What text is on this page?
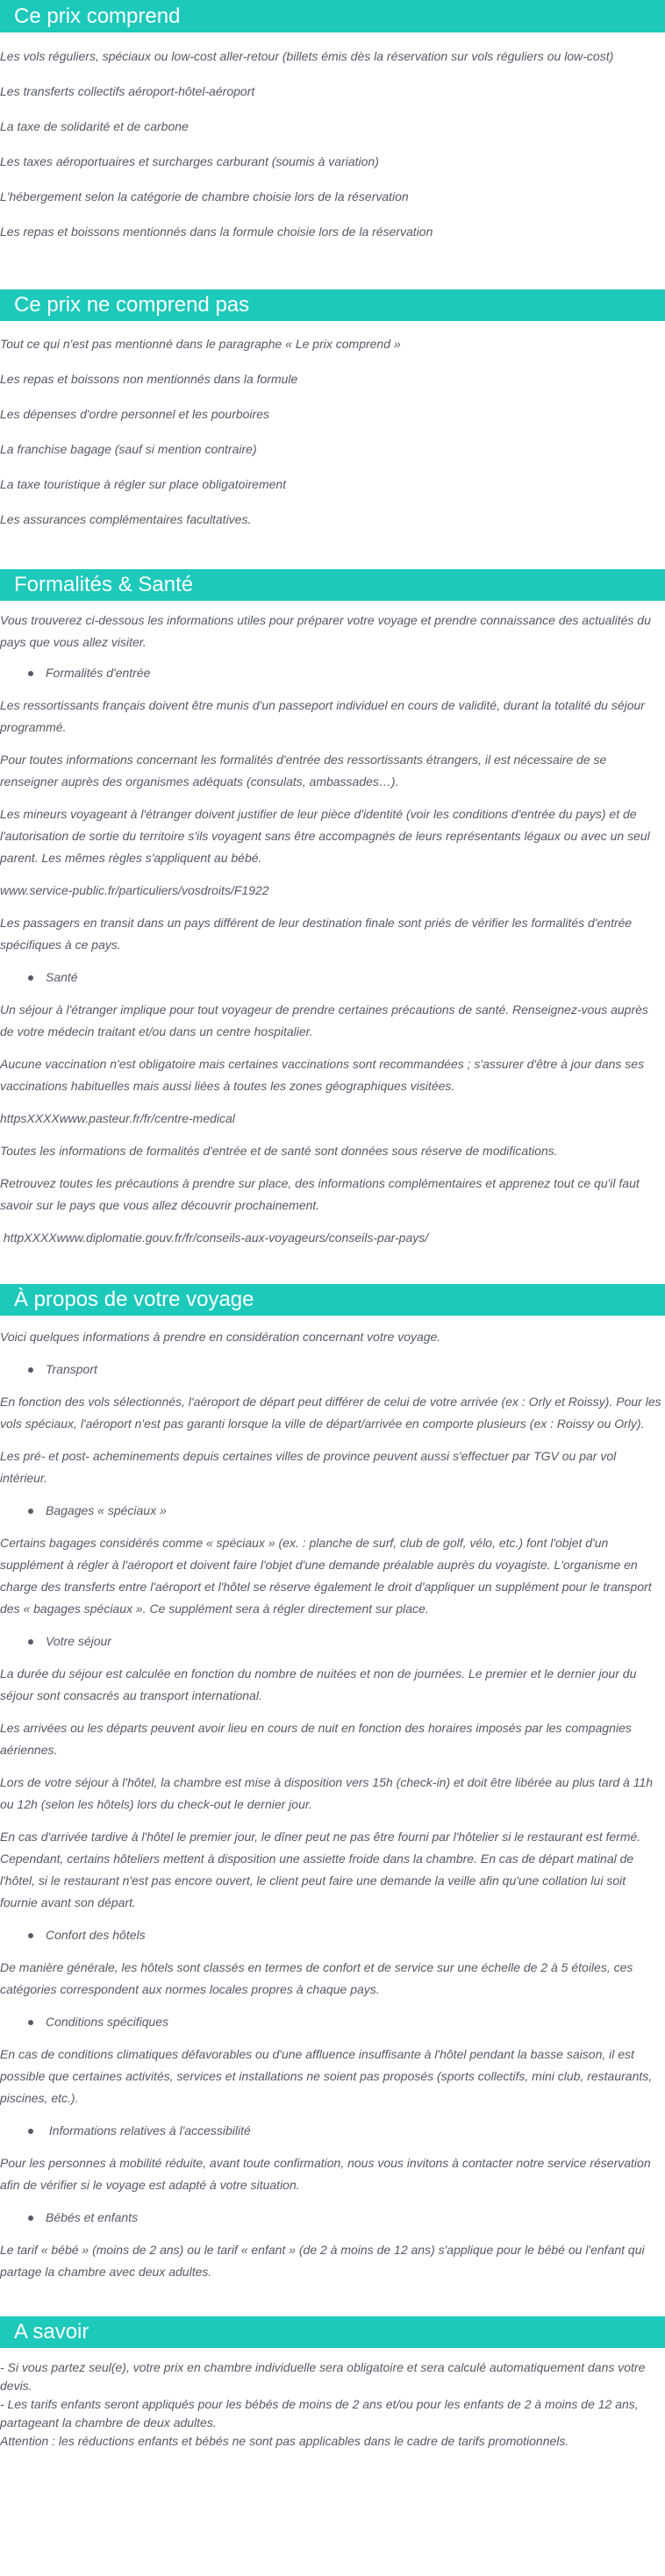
Ce prix comprend

Les vols réguliers, spéciaux ou low-cost aller-retour (billets émis dès la réservation sur vols réguliers ou low-cost)

Les transferts collectifs aéroport-hôtel-aéroport

La taxe de solidarité et de carbone

Les taxes aéroportuaires et surcharges carburant (soumis à variation)

L'hébergement selon la catégorie de chambre choisie lors de la réservation

Les repas et boissons mentionnés dans la formule choisie lors de la réservation

Ce prix ne comprend pas

Tout ce qui n'est pas mentionné dans le paragraphe « Le prix comprend »

Les repas et boissons non mentionnés dans la formule

Les dépenses d'ordre personnel et les pourboires

La franchise bagage (sauf si mention contraire)

La taxe touristique à régler sur place obligatoirement

Les assurances complémentaires facultatives.

Formalités & Santé

Vous trouverez ci-dessous les informations utiles pour préparer votre voyage et prendre connaissance des actualités du pays que vous allez visiter.

Formalités d'entrée

Les ressortissants français doivent être munis d'un passeport individuel en cours de validité, durant la totalité du séjour programmé.

Pour toutes informations concernant les formalités d'entrée des ressortissants étrangers, il est nécessaire de se renseigner auprès des organismes adéquats (consulats, ambassades…).

Les mineurs voyageant à l'étranger doivent justifier de leur pièce d'identité (voir les conditions d'entrée du pays) et de l'autorisation de sortie du territoire s'ils voyagent sans être accompagnés de leurs représentants légaux ou avec un seul parent. Les mêmes règles s'appliquent au bébé.

www.service-public.fr/particuliers/vosdroits/F1922

Les passagers en transit dans un pays différent de leur destination finale sont priés de vérifier les formalités d'entrée spécifiques à ce pays.

Santé

Un séjour à l'étranger implique pour tout voyageur de prendre certaines précautions de santé. Renseignez-vous auprès de votre médecin traitant et/ou dans un centre hospitalier.

Aucune vaccination n'est obligatoire mais certaines vaccinations sont recommandées ; s'assurer d'être à jour dans ses vaccinations habituelles mais aussi liées à toutes les zones géographiques visitées.

httpsXXXXwww.pasteur.fr/fr/centre-medical

Toutes les informations de formalités d'entrée et de santé sont données sous réserve de modifications.

Retrouvez toutes les précautions à prendre sur place, des informations complémentaires et apprenez tout ce qu'il faut savoir sur le pays que vous allez découvrir prochainement.

httpXXXXwww.diplomatie.gouv.fr/fr/conseils-aux-voyageurs/conseils-par-pays/

À propos de votre voyage

Voici quelques informations à prendre en considération concernant votre voyage.

Transport

En fonction des vols sélectionnés, l'aéroport de départ peut différer de celui de votre arrivée (ex : Orly et Roissy). Pour les vols spéciaux, l'aéroport n'est pas garanti lorsque la ville de départ/arrivée en comporte plusieurs (ex : Roissy ou Orly).

Les pré- et post- acheminements depuis certaines villes de province peuvent aussi s'effectuer par TGV ou par vol intérieur.

Bagages « spéciaux »

Certains bagages considérés comme « spéciaux » (ex. : planche de surf, club de golf, vélo, etc.) font l'objet d'un supplément à régler à l'aéroport et doivent faire l'objet d'une demande préalable auprès du voyagiste. L'organisme en charge des transferts entre l'aéroport et l'hôtel se réserve également le droit d'appliquer un supplément pour le transport des « bagages spéciaux ». Ce supplément sera à régler directement sur place.

Votre séjour

La durée du séjour est calculée en fonction du nombre de nuitées et non de journées. Le premier et le dernier jour du séjour sont consacrés au transport international.

Les arrivées ou les départs peuvent avoir lieu en cours de nuit en fonction des horaires imposés par les compagnies aériennes.

Lors de votre séjour à l'hôtel, la chambre est mise à disposition vers 15h (check-in) et doit être libérée au plus tard à 11h ou 12h (selon les hôtels) lors du check-out le dernier jour.

En cas d'arrivée tardive à l'hôtel le premier jour, le dîner peut ne pas être fourni par l'hôtelier si le restaurant est fermé. Cependant, certains hôteliers mettent à disposition une assiette froide dans la chambre. En cas de départ matinal de l'hôtel, si le restaurant n'est pas encore ouvert, le client peut faire une demande la veille afin qu'une collation lui soit fournie avant son départ.

Confort des hôtels

De manière générale, les hôtels sont classés en termes de confort et de service sur une échelle de 2 à 5 étoiles, ces catégories correspondent aux normes locales propres à chaque pays.

Conditions spécifiques

En cas de conditions climatiques défavorables ou d'une affluence insuffisante à l'hôtel pendant la basse saison, il est possible que certaines activités, services et installations ne soient pas proposés (sports collectifs, mini club, restaurants, piscines, etc.).

Informations relatives à l'accessibilité

Pour les personnes à mobilité réduite, avant toute confirmation, nous vous invitons à contacter notre service réservation afin de vérifier si le voyage est adapté à votre situation.

Bébés et enfants

Le tarif « bébé » (moins de 2 ans) ou le tarif « enfant » (de 2 à moins de 12 ans) s'applique pour le bébé ou l'enfant qui partage la chambre avec deux adultes.

A savoir

- Si vous partez seul(e), votre prix en chambre individuelle sera obligatoire et sera calculé automatiquement dans votre devis.

- Les tarifs enfants seront appliqués pour les bébés de moins de 2 ans et/ou pour les enfants de 2 à moins de 12 ans, partageant la chambre de deux adultes.

Attention : les réductions enfants et bébés ne sont pas applicables dans le cadre de tarifs promotionnels.
